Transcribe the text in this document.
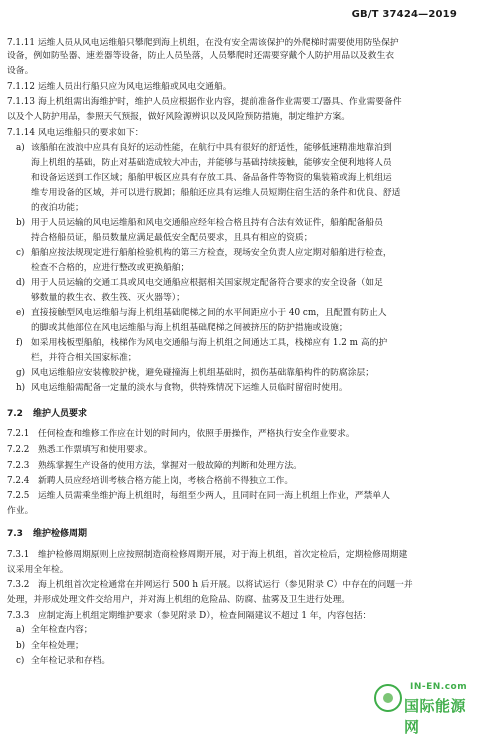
GB/T 37424—2019
7.1.11 运维人员从风电运维船只攀爬到海上机组，在没有安全需该保护的外爬梯时需要使用防坠保护
设备，例如防坠器、速差器等设备，防止人员坠落，人员攀爬时还需要穿戴个人防护用品以及救生衣
设备。
7.1.12 运维人员出行船只应为风电运维船或风电交通船。
7.1.13 海上机组需出海维护时，维护人员应根据作业内容，提前准备作业需要工/器具、作业需要备件
以及个人防护用品，参照天气预报，做好风险源辨识以及风险预防措施，制定维护方案。
7.1.14 风电运维船只的要求如下：
a) 该船舶在波浪中应具有良好的运动性能，在航行中具有很好的舒适性，能够低速精准地靠泊到
海上机组的基础，防止对基础造成较大冲击，并能够与基础持续接触，能够安全便利地将人员
和设备运送到工作区域；船舶甲板区应具有存放工具、备品备件等物资的集装箱或海上机组运
维专用设备的区域，并可以进行脱卸；船舶还应具有运维人员短期住宿生活的条件和优良、舒适
的夜泊功能；
b) 用于人员运输的风电运维船和风电交通船应经年检合格且持有合法有效证件，船舶配备船员
持合格船员证，船员数量应满足最低安全配员要求，且具有相应的资质；
c) 船舶应按法规现定进行船舶检验机构的第三方检查，现场安全负责人应定期对船舶进行检查，
检查不合格的，应进行整改或更换船舶；
d) 用于人员运输的交通工具或风电交通船应根据相关国家规定配备符合要求的安全设备（如足
够数量的救生衣、救生筏、灭火器等）；
e) 直接接触型风电运维船与海上机组基础爬梯之间的水平间距应小于 40 cm，且配置有防止人
的脚或其他部位在风电运维船与海上机组基础爬梯之间被挤压的防护措施或设施；
f) 如采用栈板型船舶，栈梯作为风电交通船与海上机组之间通达工具，栈梯应有 1.2 m 高的护
栏，并符合相关国家标准；
g) 风电运维船应安装橡胶护栊，避免碰撞海上机组基础时，损伤基础靠船构件的防腐涂层；
h) 风电运维船需配备一定量的淡水与食物，供特殊情况下运维人员临时留宿时使用。
7.2 维护人员要求
7.2.1 任何检查和维修工作应在计划的时间内，依照手册操作，严格执行安全作业要求。
7.2.2 熟悉工作票填写和使用要求。
7.2.3 熟练掌握生产设备的使用方法，掌握对一般故障的判断和处理方法。
7.2.4 新聘人员应经培训考核合格方能上岗，考核合格前不得独立工作。
7.2.5 运维人员需乘坐维护海上机组时，每组至少两人，且同时在同一海上机组上作业，严禁单人
作业。
7.3 维护检修周期
7.3.1 维护检修周期原则上应按照制造商检修周期开展，对于海上机组，首次定检后，定期检修周期建
议采用全年检。
7.3.2 海上机组首次定检通常在并网运行 500 h 后开展。以将试运行（参见附录 C）中存在的问题一并
处理，并形成处理文件交给用户，并对海上机组的危险品、防腐、盐雾及卫生进行处理。
7.3.3 应制定海上机组定期维护要求（参见附录 D），检查间隔建议不超过 1 年，内容包括：
a) 全年检查内容；
b) 全年检处理；
c) 全年检记录和存档。
IN-EN.com
国际能源网
